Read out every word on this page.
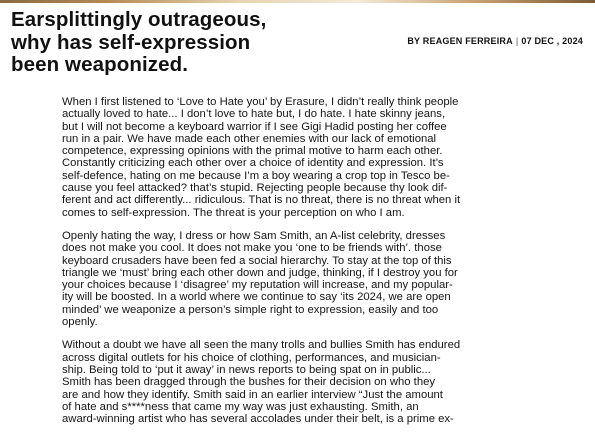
Earsplittingly outrageous,
why has self-expression
been weaponized.
BY REAGEN FERREIRA | 07 DEC , 2024

When I first listened to ‘Love to Hate you’ by Erasure, I didn’t really think people
actually loved to hate... I don’t love to hate but, I do hate. I hate skinny jeans,
but I will not become a keyboard warrior if I see Gigi Hadid posting her coffee
run in a pair. We have made each other enemies with our lack of emotional
competence, expressing opinions with the primal motive to harm each other.
Constantly criticizing each other over a choice of identity and expression. It’s
self-defence, hating on me because I’m a boy wearing a crop top in Tesco be-
cause you feel attacked? that’s stupid. Rejecting people because thy look dif-
ferent and act differently... ridiculous. That is no threat, there is no threat when it
comes to self-expression. The threat is your perception on who I am.

Openly hating the way, I dress or how Sam Smith, an A-list celebrity, dresses
does not make you cool. It does not make you ‘one to be friends with’. those
keyboard crusaders have been fed a social hierarchy. To stay at the top of this
triangle we ‘must’ bring each other down and judge, thinking, if I destroy you for
your choices because I ‘disagree’ my reputation will increase, and my popular-
ity will be boosted. In a world where we continue to say ‘its 2024, we are open
minded’ we weaponize a person’s simple right to expression, easily and too
openly.

Without a doubt we have all seen the many trolls and bullies Smith has endured
across digital outlets for his choice of clothing, performances, and musician-
ship. Being told to ‘put it away’ in news reports to being spat on in public...
Smith has been dragged through the bushes for their decision on who they
are and how they identify. Smith said in an earlier interview “Just the amount
of hate and s****ness that came my way was just exhausting. Smith, an
award-winning artist who has several accolades under their belt, is a prime ex-
